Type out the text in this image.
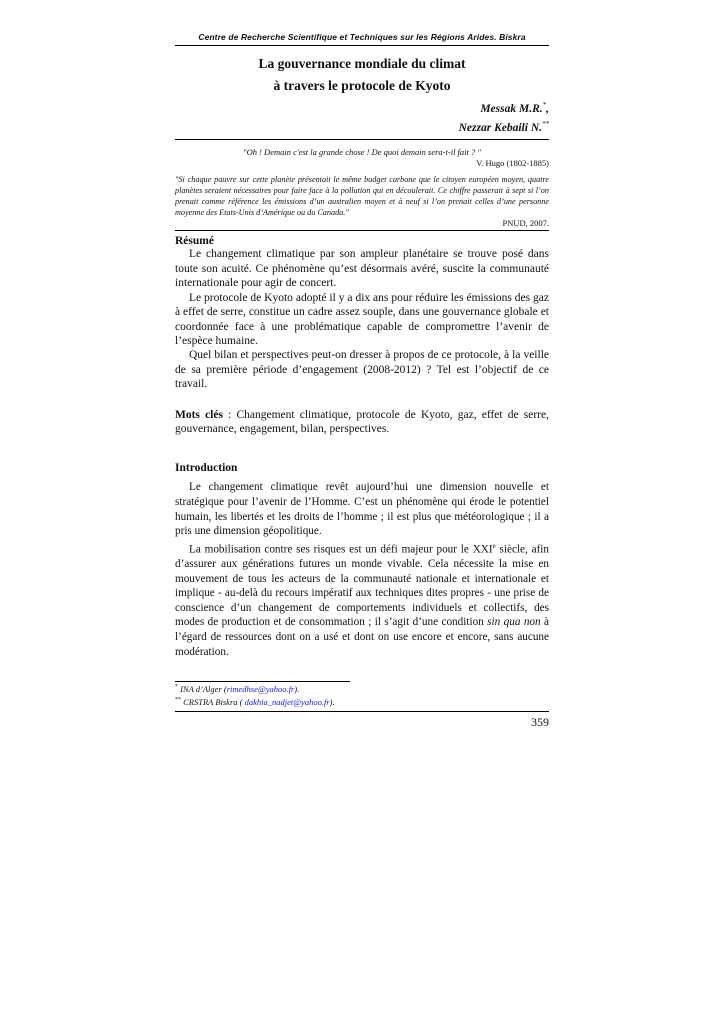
Centre de Recherche Scientifique et Techniques sur les Régions Arides. Biskra
La gouvernance mondiale du climat
à travers le protocole de Kyoto
Messak M.R.*,
Nezzar Kebaili N.**
"Oh ! Demain c'est la grande chose ! De quoi demain sera-t-il fait ? "
V. Hugo (1802-1885)
"Si chaque pauvre sur cette planète présentait le même budget carbone que le citoyen européen moyen, quatre planètes seraient nécessaires pour faire face à la pollution qui en découlerait. Ce chiffre passerait à sept si l’on prenait comme référence les émissions d’un australien moyen et à neuf si l’on prenait celles d’une personne moyenne des Etats-Unis d’Amérique ou du Canada."
PNUD, 2007.
Résumé

Le changement climatique par son ampleur planétaire se trouve posé dans toute son acuité. Ce phénomène qu’est désormais avéré, suscite la communauté internationale pour agir de concert.

Le protocole de Kyoto adopté il y a dix ans pour réduire les émissions des gaz à effet de serre, constitue un cadre assez souple, dans une gouvernance globale et coordonnée face à une problématique capable de compromettre l’avenir de l’espèce humaine.

Quel bilan et perspectives peut-on dresser à propos de ce protocole, à la veille de sa première période d’engagement (2008-2012) ? Tel est l’objectif de ce travail.

Mots clés : Changement climatique, protocole de Kyoto, gaz, effet de serre, gouvernance, engagement, bilan, perspectives.

Introduction

Le changement climatique revêt aujourd’hui une dimension nouvelle et stratégique pour l’avenir de l’Homme. C’est un phénomène qui érode le potentiel humain, les libertés et les droits de l’homme ; il est plus que météorologique ; il a pris une dimension géopolitique.

La mobilisation contre ses risques est un défi majeur pour le XXIe siècle, afin d’assurer aux générations futures un monde vivable. Cela nécessite la mise en mouvement de tous les acteurs de la communauté nationale et internationale et implique - au-delà du recours impératif aux techniques dites propres - une prise de conscience d’un changement de comportements individuels et collectifs, des modes de production et de consommation ; il s’agit d’une condition sin qua non à l’égard de ressources dont on a usé et dont on use encore et encore, sans aucune modération.

* INA d’Alger (rimedhse@yahoo.fr).
** CRSTRA Biskra ( dakhia_nadjet@yahoo.fr).
359
